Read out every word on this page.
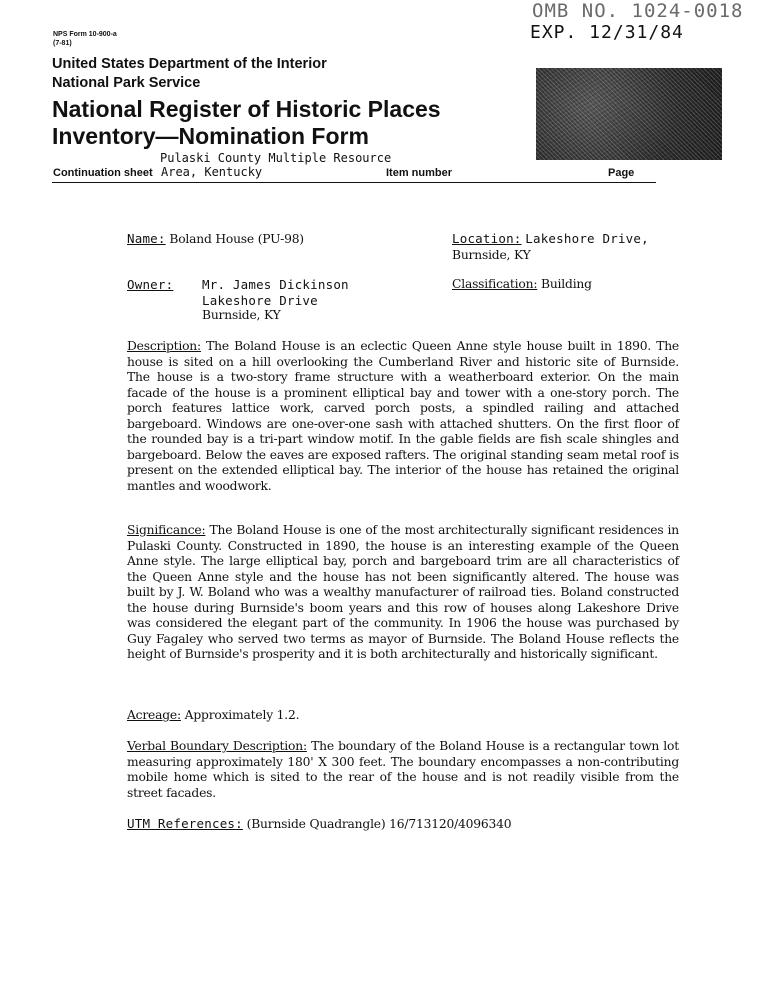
OMB NO. 1024-0018
EXP. 12/31/84
NPS Form 10-900-a
(7-81)
United States Department of the Interior
National Park Service
National Register of Historic Places
Inventory—Nomination Form
Pulaski County Multiple Resource
Continuation sheet Area, Kentucky	Item number	Page
Name: Boland House (PU-98)	Location: Lakeshore Drive,
Burnside, KY
Owner: Mr. James Dickinson
Lakeshore Drive
Burnside, KY
Classification: Building
Description: The Boland House is an eclectic Queen Anne style house built in 1890. The house is sited on a hill overlooking the Cumberland River and historic site of Burnside. The house is a two-story frame structure with a weatherboard exterior. On the main facade of the house is a prominent elliptical bay and tower with a one-story porch. The porch features lattice work, carved porch posts, a spindled railing and attached bargeboard. Windows are one-over-one sash with attached shutters. On the first floor of the rounded bay is a tri-part window motif. In the gable fields are fish scale shingles and bargeboard. Below the eaves are exposed rafters. The original standing seam metal roof is present on the extended elliptical bay. The interior of the house has retained the original mantles and woodwork.
Significance: The Boland House is one of the most architecturally significant residences in Pulaski County. Constructed in 1890, the house is an interesting example of the Queen Anne style. The large elliptical bay, porch and bargeboard trim are all characteristics of the Queen Anne style and the house has not been significantly altered. The house was built by J. W. Boland who was a wealthy manufacturer of railroad ties. Boland constructed the house during Burnside's boom years and this row of houses along Lakeshore Drive was considered the elegant part of the community. In 1906 the house was purchased by Guy Fagaley who served two terms as mayor of Burnside. The Boland House reflects the height of Burnside's prosperity and it is both architecturally and historically significant.
Acreage: Approximately 1.2.
Verbal Boundary Description: The boundary of the Boland House is a rectangular town lot measuring approximately 180' X 300 feet. The boundary encompasses a non-contributing mobile home which is sited to the rear of the house and is not readily visible from the street facades.
UTM References: (Burnside Quadrangle) 16/713120/4096340
